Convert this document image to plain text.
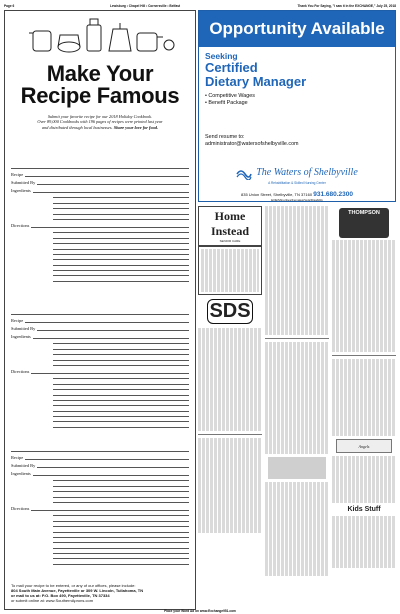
Page 6	Lewisburg • Chapel Hill • Cornersville • Belfast	Thank You For Saying, "I saw it in the EXCHANGE," July 25, 2018
Make Your
Recipe Famous
Submit your favorite recipe for our 2018 Holiday Cookbook.
Over 89,000 Cookbooks with 196 pages of recipes were printed last year
and distributed through local businesses. Share your love for food.
Recipe
Submitted By
Ingredients
Directions
Recipe
Submitted By
Ingredients
Directions
Recipe
Submitted By
Ingredients
Directions
To mail your recipe to be entered, or any of our offices, please include:
804 South Main Avenue, Fayetteville or 309 W. Lincoln, Tullahoma, TN
or mail to us at: P.O. Box 490, Fayetteville, TN 37334
or submit online at: www.SouthernAprons.com
Opportunity Available
Seeking
Certified
Dietary Manager
• Competitive Wages
• Benefit Package
Send resume to:
administrator@watersofshelbyville.com
The Waters of Shelbyville
A Rehabilitation & Skilled Nursing Center
835 Union Street, Shelbyville, TN 37160 931.680.2300
EOE/Minorities/Females/Vets/Disability
Home Instead
SENIOR CARE
SDS
THOMPSON
Angels
Kids Stuff
Place your Word Ad on www.Exchange951.com
